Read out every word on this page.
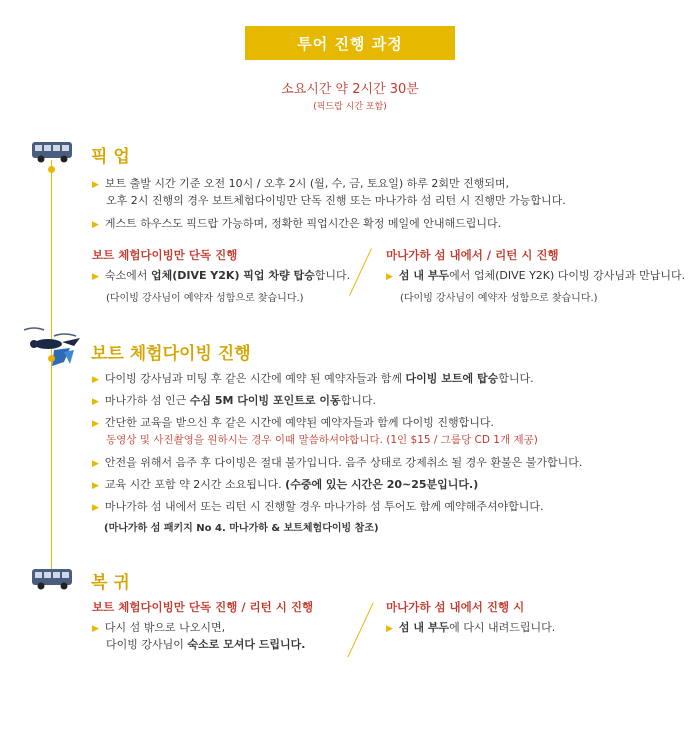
투어 진행 과정
소요시간 약 2시간 30분
(픽드랍 시간 포함)
픽 업
▶ 보트 출발 시간 기준 오전 10시 / 오후 2시 (월, 수, 금, 토요일) 하루 2회만 진행되며,
오후 2시 진행의 경우 보트체험다이빙만 단독 진행 또는 마나가하 섬 리턴 시 진행만 가능합니다.
▶ 게스트 하우스도 픽드랍 가능하며, 정확한 픽업시간은 확정 메일에 안내해드립니다.
보트 체험다이빙만 단독 진행
▶ 숙소에서 업체(DIVE Y2K) 픽업 차량 탑승합니다.
(다이빙 강사님이 예약자 성함으로 찾습니다.)
마나가하 섬 내에서 / 리턴 시 진행
▶ 섬 내 부두에서 업체(DIVE Y2K) 다이빙 강사님과 만납니다.
(다이빙 강사님이 예약자 성함으로 찾습니다.)
보트 체험다이빙 진행
▶ 다이빙 강사님과 미팅 후 같은 시간에 예약 된 예약자들과 함께 다이빙 보트에 탑승합니다.
▶ 마나가하 섬 인근 수심 5M 다이빙 포인트로 이동합니다.
▶ 간단한 교육을 받으신 후 같은 시간에 예약된 예약자들과 함께 다이빙 진행합니다.
동영상 및 사진촬영을 원하시는 경우 이때 말씀하셔야합니다. (1인 $15 / 그룹당 CD 1개 제공)
▶ 안전을 위해서 음주 후 다이빙은 절대 불가입니다. 음주 상태로 강제취소 될 경우 환불은 불가합니다.
▶ 교육 시간 포함 약 2시간 소요됩니다. (수중에 있는 시간은 20~25분입니다.)
▶ 마나가하 섬 내에서 또는 리턴 시 진행할 경우 마나가하 섬 투어도 함께 예약해주셔야합니다.
(마나가하 섬 패키지 No 4. 마나가하 & 보트체험다이빙 참조)
복 귀
보트 체험다이빙만 단독 진행 / 리턴 시 진행
▶ 다시 섬 밖으로 나오시면,
다이빙 강사님이 숙소로 모셔다 드립니다.
마나가하 섬 내에서 진행 시
▶ 섬 내 부두에 다시 내려드립니다.
